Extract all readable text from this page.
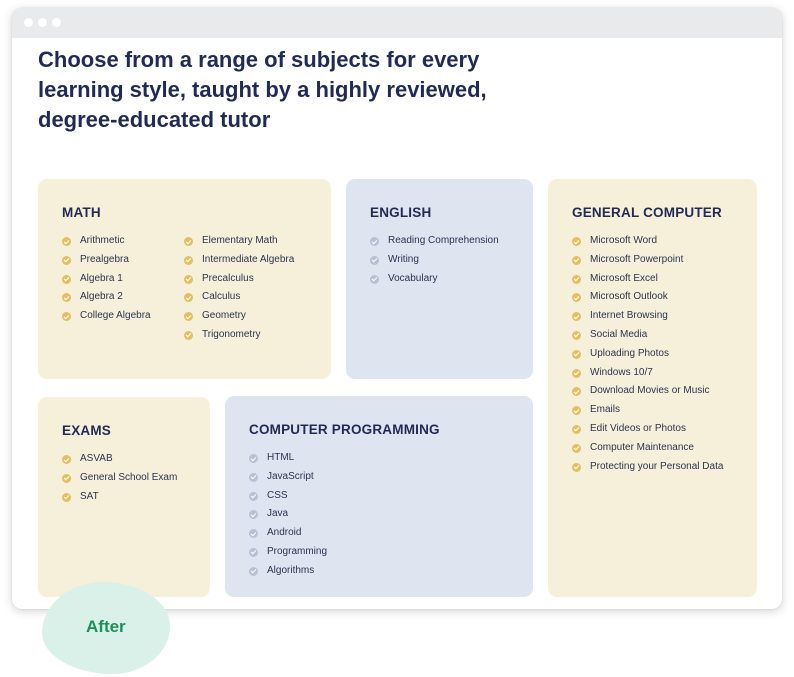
Choose from a range of subjects for every learning style, taught by a highly reviewed, degree-educated tutor
MATH
Arithmetic
Prealgebra
Algebra 1
Algebra 2
College Algebra
Elementary Math
Intermediate Algebra
Precalculus
Calculus
Geometry
Trigonometry
ENGLISH
Reading Comprehension
Writing
Vocabulary
GENERAL COMPUTER
Microsoft Word
Microsoft Powerpoint
Microsoft Excel
Microsoft Outlook
Internet Browsing
Social Media
Uploading Photos
Windows 10/7
Download Movies or Music
Emails
Edit Videos or Photos
Computer Maintenance
Protecting your Personal Data
EXAMS
ASVAB
General School Exam
SAT
COMPUTER PROGRAMMING
HTML
JavaScript
CSS
Java
Android
Programming
Algorithms
After
